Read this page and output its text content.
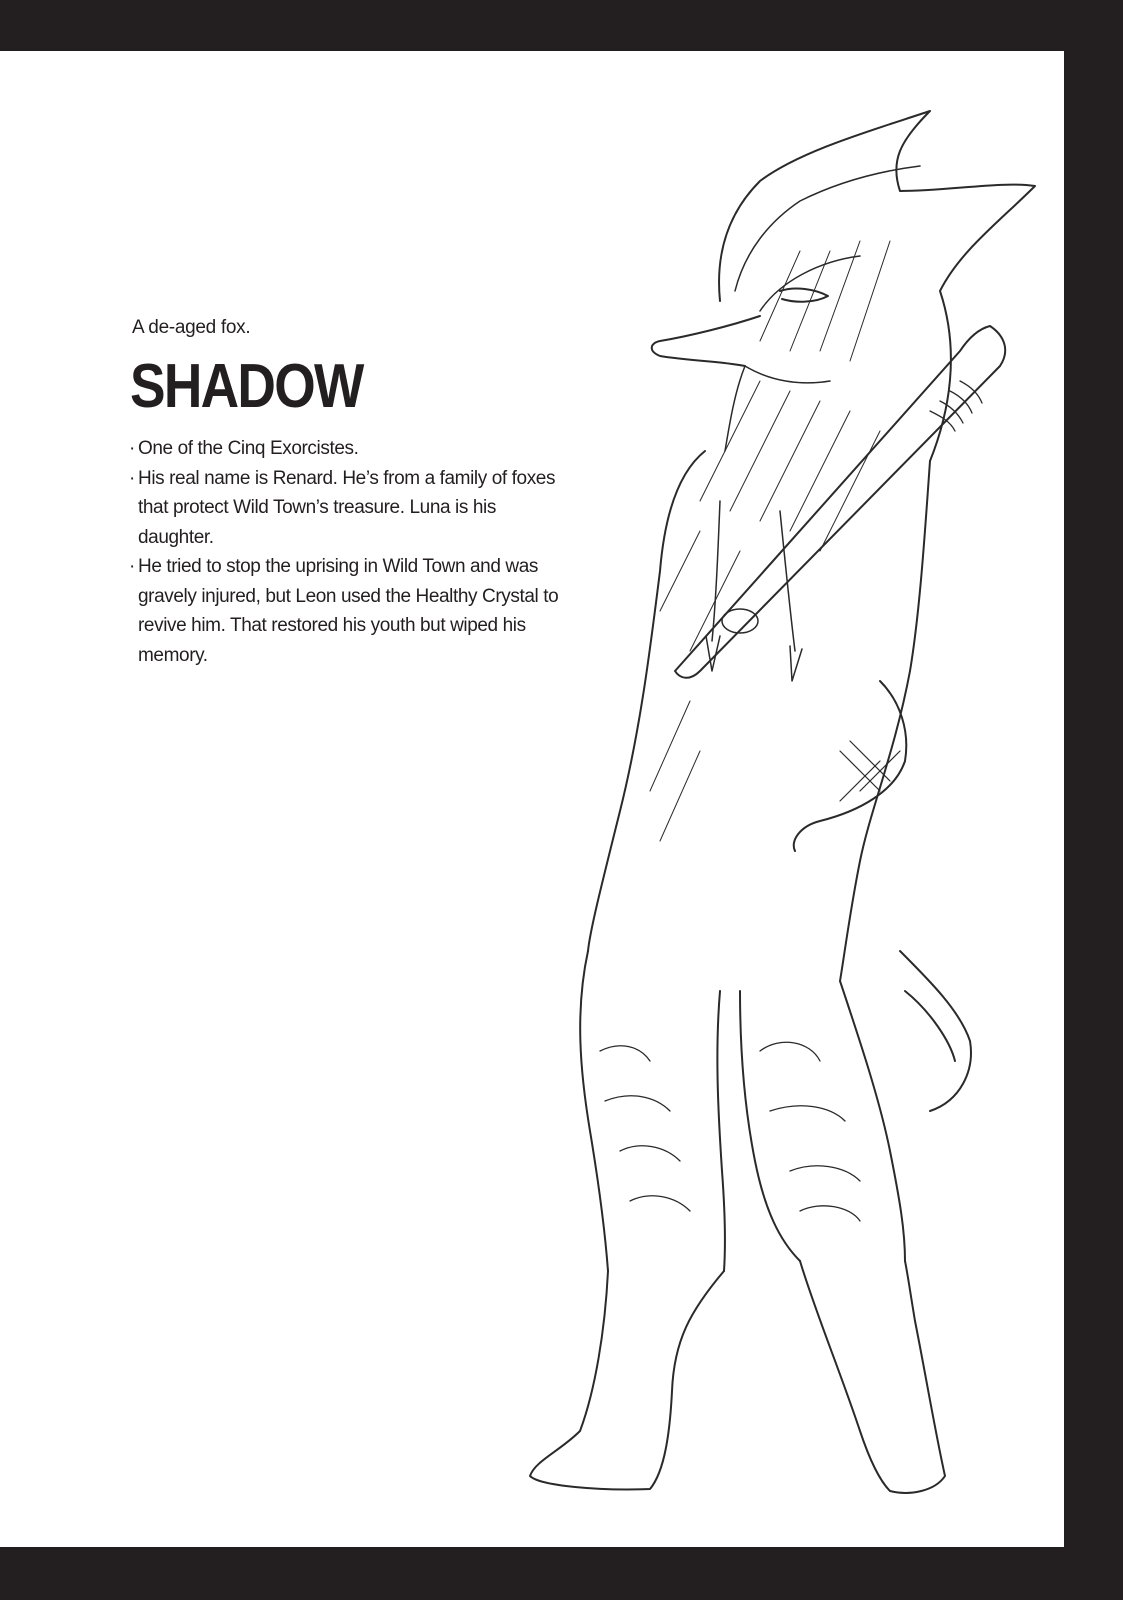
A de-aged fox.

SHADOW
· One of the Cinq Exorcistes.
· His real name is Renard. He’s from a family of foxes that protect Wild Town’s treasure. Luna is his daughter.
· He tried to stop the uprising in Wild Town and was gravely injured, but Leon used the Healthy Crystal to revive him. That restored his youth but wiped his memory.
